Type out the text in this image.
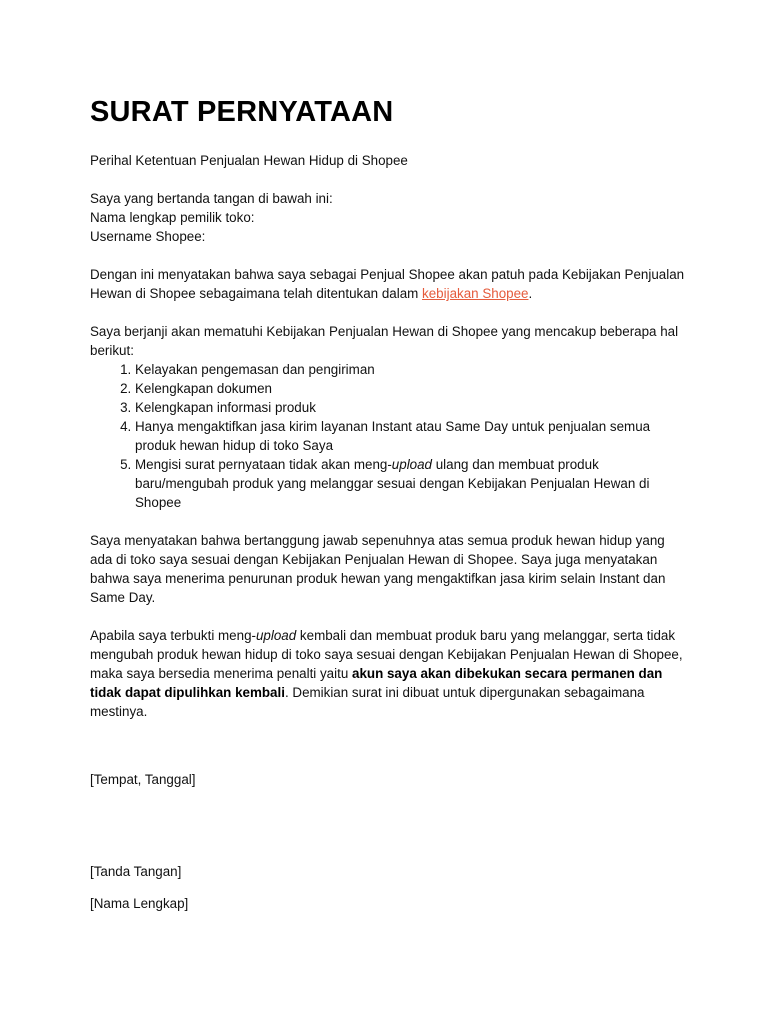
SURAT PERNYATAAN

Perihal Ketentuan Penjualan Hewan Hidup di Shopee

Saya yang bertanda tangan di bawah ini:
Nama lengkap pemilik toko:
Username Shopee:

Dengan ini menyatakan bahwa saya sebagai Penjual Shopee akan patuh pada Kebijakan Penjualan Hewan di Shopee sebagaimana telah ditentukan dalam kebijakan Shopee.

Saya berjanji akan mematuhi Kebijakan Penjualan Hewan di Shopee yang mencakup beberapa hal berikut:

1. Kelayakan pengemasan dan pengiriman
2. Kelengkapan dokumen
3. Kelengkapan informasi produk
4. Hanya mengaktifkan jasa kirim layanan Instant atau Same Day untuk penjualan semua produk hewan hidup di toko Saya
5. Mengisi surat pernyataan tidak akan meng-upload ulang dan membuat produk baru/mengubah produk yang melanggar sesuai dengan Kebijakan Penjualan Hewan di Shopee

Saya menyatakan bahwa bertanggung jawab sepenuhnya atas semua produk hewan hidup yang ada di toko saya sesuai dengan Kebijakan Penjualan Hewan di Shopee. Saya juga menyatakan bahwa saya menerima penurunan produk hewan yang mengaktifkan jasa kirim selain Instant dan Same Day.

Apabila saya terbukti meng-upload kembali dan membuat produk baru yang melanggar, serta tidak mengubah produk hewan hidup di toko saya sesuai dengan Kebijakan Penjualan Hewan di Shopee, maka saya bersedia menerima penalti yaitu akun saya akan dibekukan secara permanen dan tidak dapat dipulihkan kembali. Demikian surat ini dibuat untuk dipergunakan sebagaimana mestinya.

[Tempat, Tanggal]

[Tanda Tangan]

[Nama Lengkap]
